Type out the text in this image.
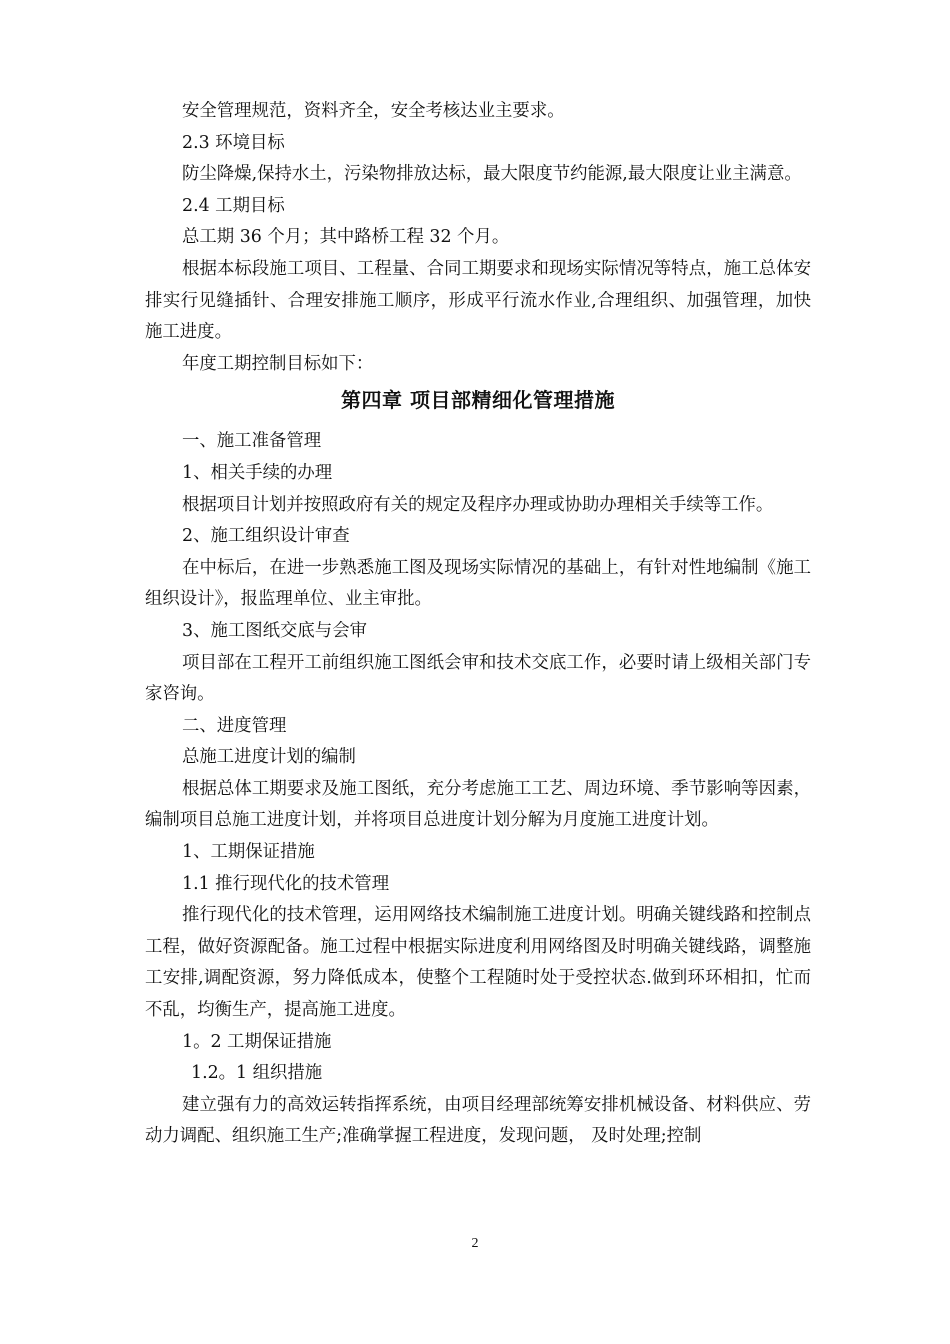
安全管理规范，资料齐全，安全考核达业主要求。

2.3 环境目标

防尘降燥,保持水土，污染物排放达标，最大限度节约能源,最大限度让业主满意。

2.4 工期目标

总工期 36 个月；其中路桥工程 32 个月。

根据本标段施工项目、工程量、合同工期要求和现场实际情况等特点，施工总体安排实行见缝插针、合理安排施工顺序，形成平行流水作业,合理组织、加强管理，加快施工进度。

年度工期控制目标如下：

第四章 项目部精细化管理措施

一、施工准备管理

1、相关手续的办理

根据项目计划并按照政府有关的规定及程序办理或协助办理相关手续等工作。

2、施工组织设计审查

在中标后，在进一步熟悉施工图及现场实际情况的基础上，有针对性地编制《施工组织设计》，报监理单位、业主审批。

3、施工图纸交底与会审

项目部在工程开工前组织施工图纸会审和技术交底工作，必要时请上级相关部门专家咨询。

二、进度管理

总施工进度计划的编制

根据总体工期要求及施工图纸，充分考虑施工工艺、周边环境、季节影响等因素，编制项目总施工进度计划，并将项目总进度计划分解为月度施工进度计划。

1、工期保证措施

1.1 推行现代化的技术管理

推行现代化的技术管理，运用网络技术编制施工进度计划。明确关键线路和控制点工程，做好资源配备。施工过程中根据实际进度利用网络图及时明确关键线路，调整施工安排,调配资源，努力降低成本，使整个工程随时处于受控状态.做到环环相扣，忙而不乱，均衡生产，提高施工进度。

1。2 工期保证措施

1.2。1 组织措施

建立强有力的高效运转指挥系统，由项目经理部统筹安排机械设备、材料供应、劳动力调配、组织施工生产;准确掌握工程进度，发现问题， 及时处理;控制

2
